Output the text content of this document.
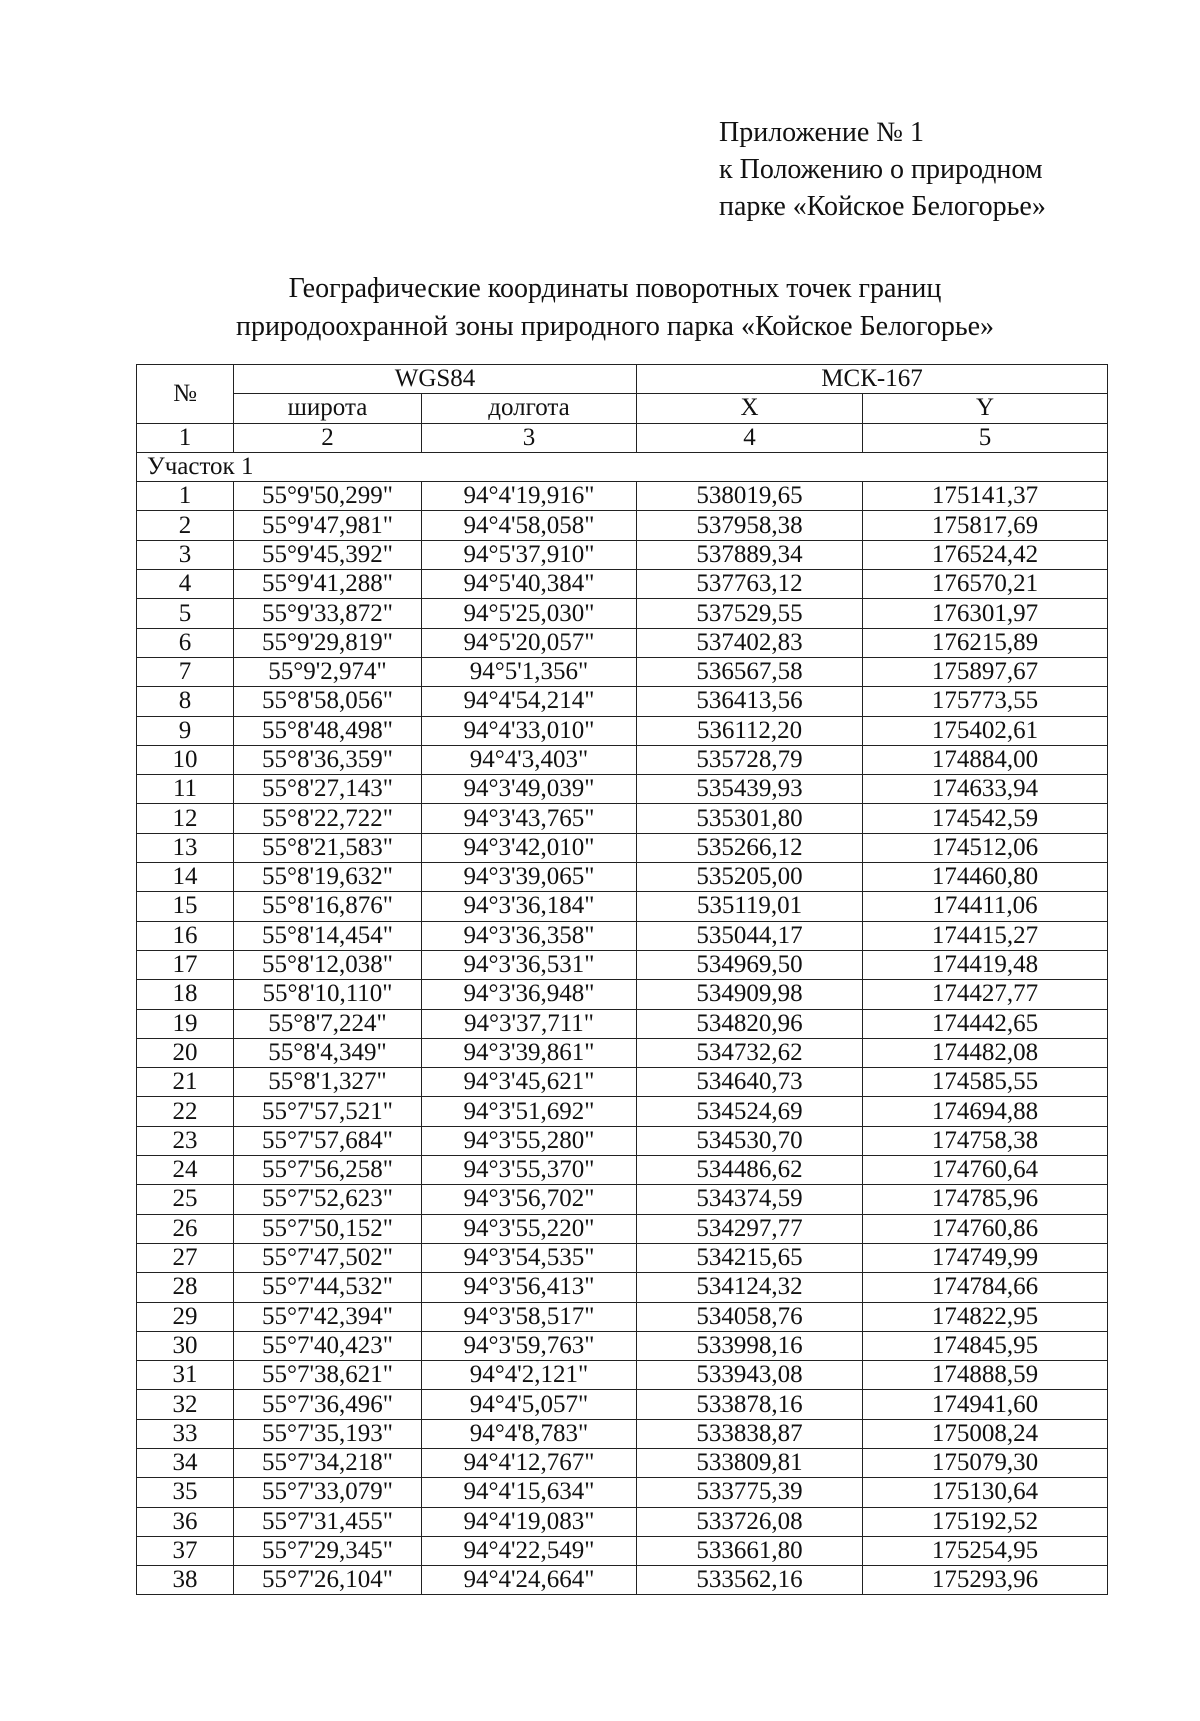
Приложение № 1
к Положению о природном
парке «Койское Белогорье»
Географические координаты поворотных точек границ
природоохранной зоны природного парка «Койское Белогорье»
№	WGS84		МСК-167	
	широта	долгота	X	Y
1	2	3	4	5
Участок 1				
1	55°9'50,299"	94°4'19,916"	538019,65	175141,37
2	55°9'47,981"	94°4'58,058"	537958,38	175817,69
3	55°9'45,392"	94°5'37,910"	537889,34	176524,42
4	55°9'41,288"	94°5'40,384"	537763,12	176570,21
5	55°9'33,872"	94°5'25,030"	537529,55	176301,97
6	55°9'29,819"	94°5'20,057"	537402,83	176215,89
7	55°9'2,974"	94°5'1,356"	536567,58	175897,67
8	55°8'58,056"	94°4'54,214"	536413,56	175773,55
9	55°8'48,498"	94°4'33,010"	536112,20	175402,61
10	55°8'36,359"	94°4'3,403"	535728,79	174884,00
11	55°8'27,143"	94°3'49,039"	535439,93	174633,94
12	55°8'22,722"	94°3'43,765"	535301,80	174542,59
13	55°8'21,583"	94°3'42,010"	535266,12	174512,06
14	55°8'19,632"	94°3'39,065"	535205,00	174460,80
15	55°8'16,876"	94°3'36,184"	535119,01	174411,06
16	55°8'14,454"	94°3'36,358"	535044,17	174415,27
17	55°8'12,038"	94°3'36,531"	534969,50	174419,48
18	55°8'10,110"	94°3'36,948"	534909,98	174427,77
19	55°8'7,224"	94°3'37,711"	534820,96	174442,65
20	55°8'4,349"	94°3'39,861"	534732,62	174482,08
21	55°8'1,327"	94°3'45,621"	534640,73	174585,55
22	55°7'57,521"	94°3'51,692"	534524,69	174694,88
23	55°7'57,684"	94°3'55,280"	534530,70	174758,38
24	55°7'56,258"	94°3'55,370"	534486,62	174760,64
25	55°7'52,623"	94°3'56,702"	534374,59	174785,96
26	55°7'50,152"	94°3'55,220"	534297,77	174760,86
27	55°7'47,502"	94°3'54,535"	534215,65	174749,99
28	55°7'44,532"	94°3'56,413"	534124,32	174784,66
29	55°7'42,394"	94°3'58,517"	534058,76	174822,95
30	55°7'40,423"	94°3'59,763"	533998,16	174845,95
31	55°7'38,621"	94°4'2,121"	533943,08	174888,59
32	55°7'36,496"	94°4'5,057"	533878,16	174941,60
33	55°7'35,193"	94°4'8,783"	533838,87	175008,24
34	55°7'34,218"	94°4'12,767"	533809,81	175079,30
35	55°7'33,079"	94°4'15,634"	533775,39	175130,64
36	55°7'31,455"	94°4'19,083"	533726,08	175192,52
37	55°7'29,345"	94°4'22,549"	533661,80	175254,95
38	55°7'26,104"	94°4'24,664"	533562,16	175293,96
